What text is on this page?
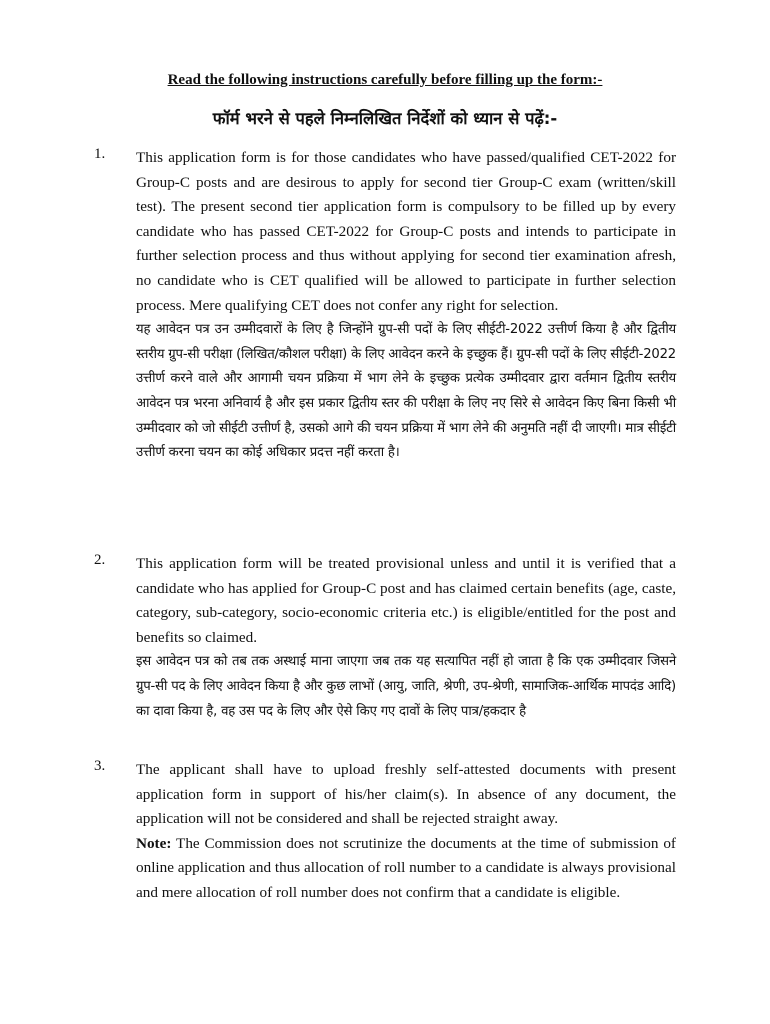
Read the following instructions carefully before filling up the form:-
फॉर्म भरने से पहले निम्नलिखित निर्देशों को ध्यान से पढ़ें:-
1. This application form is for those candidates who have passed/qualified CET-2022 for Group-C posts and are desirous to apply for second tier Group-C exam (written/skill test). The present second tier application form is compulsory to be filled up by every candidate who has passed CET-2022 for Group-C posts and intends to participate in further selection process and thus without applying for second tier examination afresh, no candidate who is CET qualified will be allowed to participate in further selection process. Mere qualifying CET does not confer any right for selection.

यह आवेदन पत्र उन उम्मीदवारों के लिए है जिन्होंने ग्रुप-सी पदों के लिए सीईटी-2022 उत्तीर्ण किया है और द्वितीय स्तरीय ग्रुप-सी परीक्षा (लिखित/कौशल परीक्षा) के लिए आवेदन करने के इच्छुक हैं। ग्रुप-सी पदों के लिए सीईटी-2022 उत्तीर्ण करने वाले और आगामी चयन प्रक्रिया में भाग लेने के इच्छुक प्रत्येक उम्मीदवार द्वारा वर्तमान द्वितीय स्तरीय आवेदन पत्र भरना अनिवार्य है और इस प्रकार द्वितीय स्तर की परीक्षा के लिए नए सिरे से आवेदन किए बिना किसी भी उम्मीदवार को जो सीईटी उत्तीर्ण है, उसको आगे की चयन प्रक्रिया में भाग लेने की अनुमति नहीं दी जाएगी। मात्र सीईटी उत्तीर्ण करना चयन का कोई अधिकार प्रदत्त नहीं करता है।

2. This application form will be treated provisional unless and until it is verified that a candidate who has applied for Group-C post and has claimed certain benefits (age, caste, category, sub-category, socio-economic criteria etc.) is eligible/entitled for the post and benefits so claimed.

इस आवेदन पत्र को तब तक अस्थाई माना जाएगा जब तक यह सत्यापित नहीं हो जाता है कि एक उम्मीदवार जिसने ग्रुप-सी पद के लिए आवेदन किया है और कुछ लाभों (आयु, जाति, श्रेणी, उप-श्रेणी, सामाजिक-आर्थिक मापदंड आदि) का दावा किया है, वह उस पद के लिए और ऐसे किए गए दावों के लिए पात्र/हकदार है

3. The applicant shall have to upload freshly self-attested documents with present application form in support of his/her claim(s). In absence of any document, the application will not be considered and shall be rejected straight away.

Note: The Commission does not scrutinize the documents at the time of submission of online application and thus allocation of roll number to a candidate is always provisional and mere allocation of roll number does not confirm that a candidate is eligible.
